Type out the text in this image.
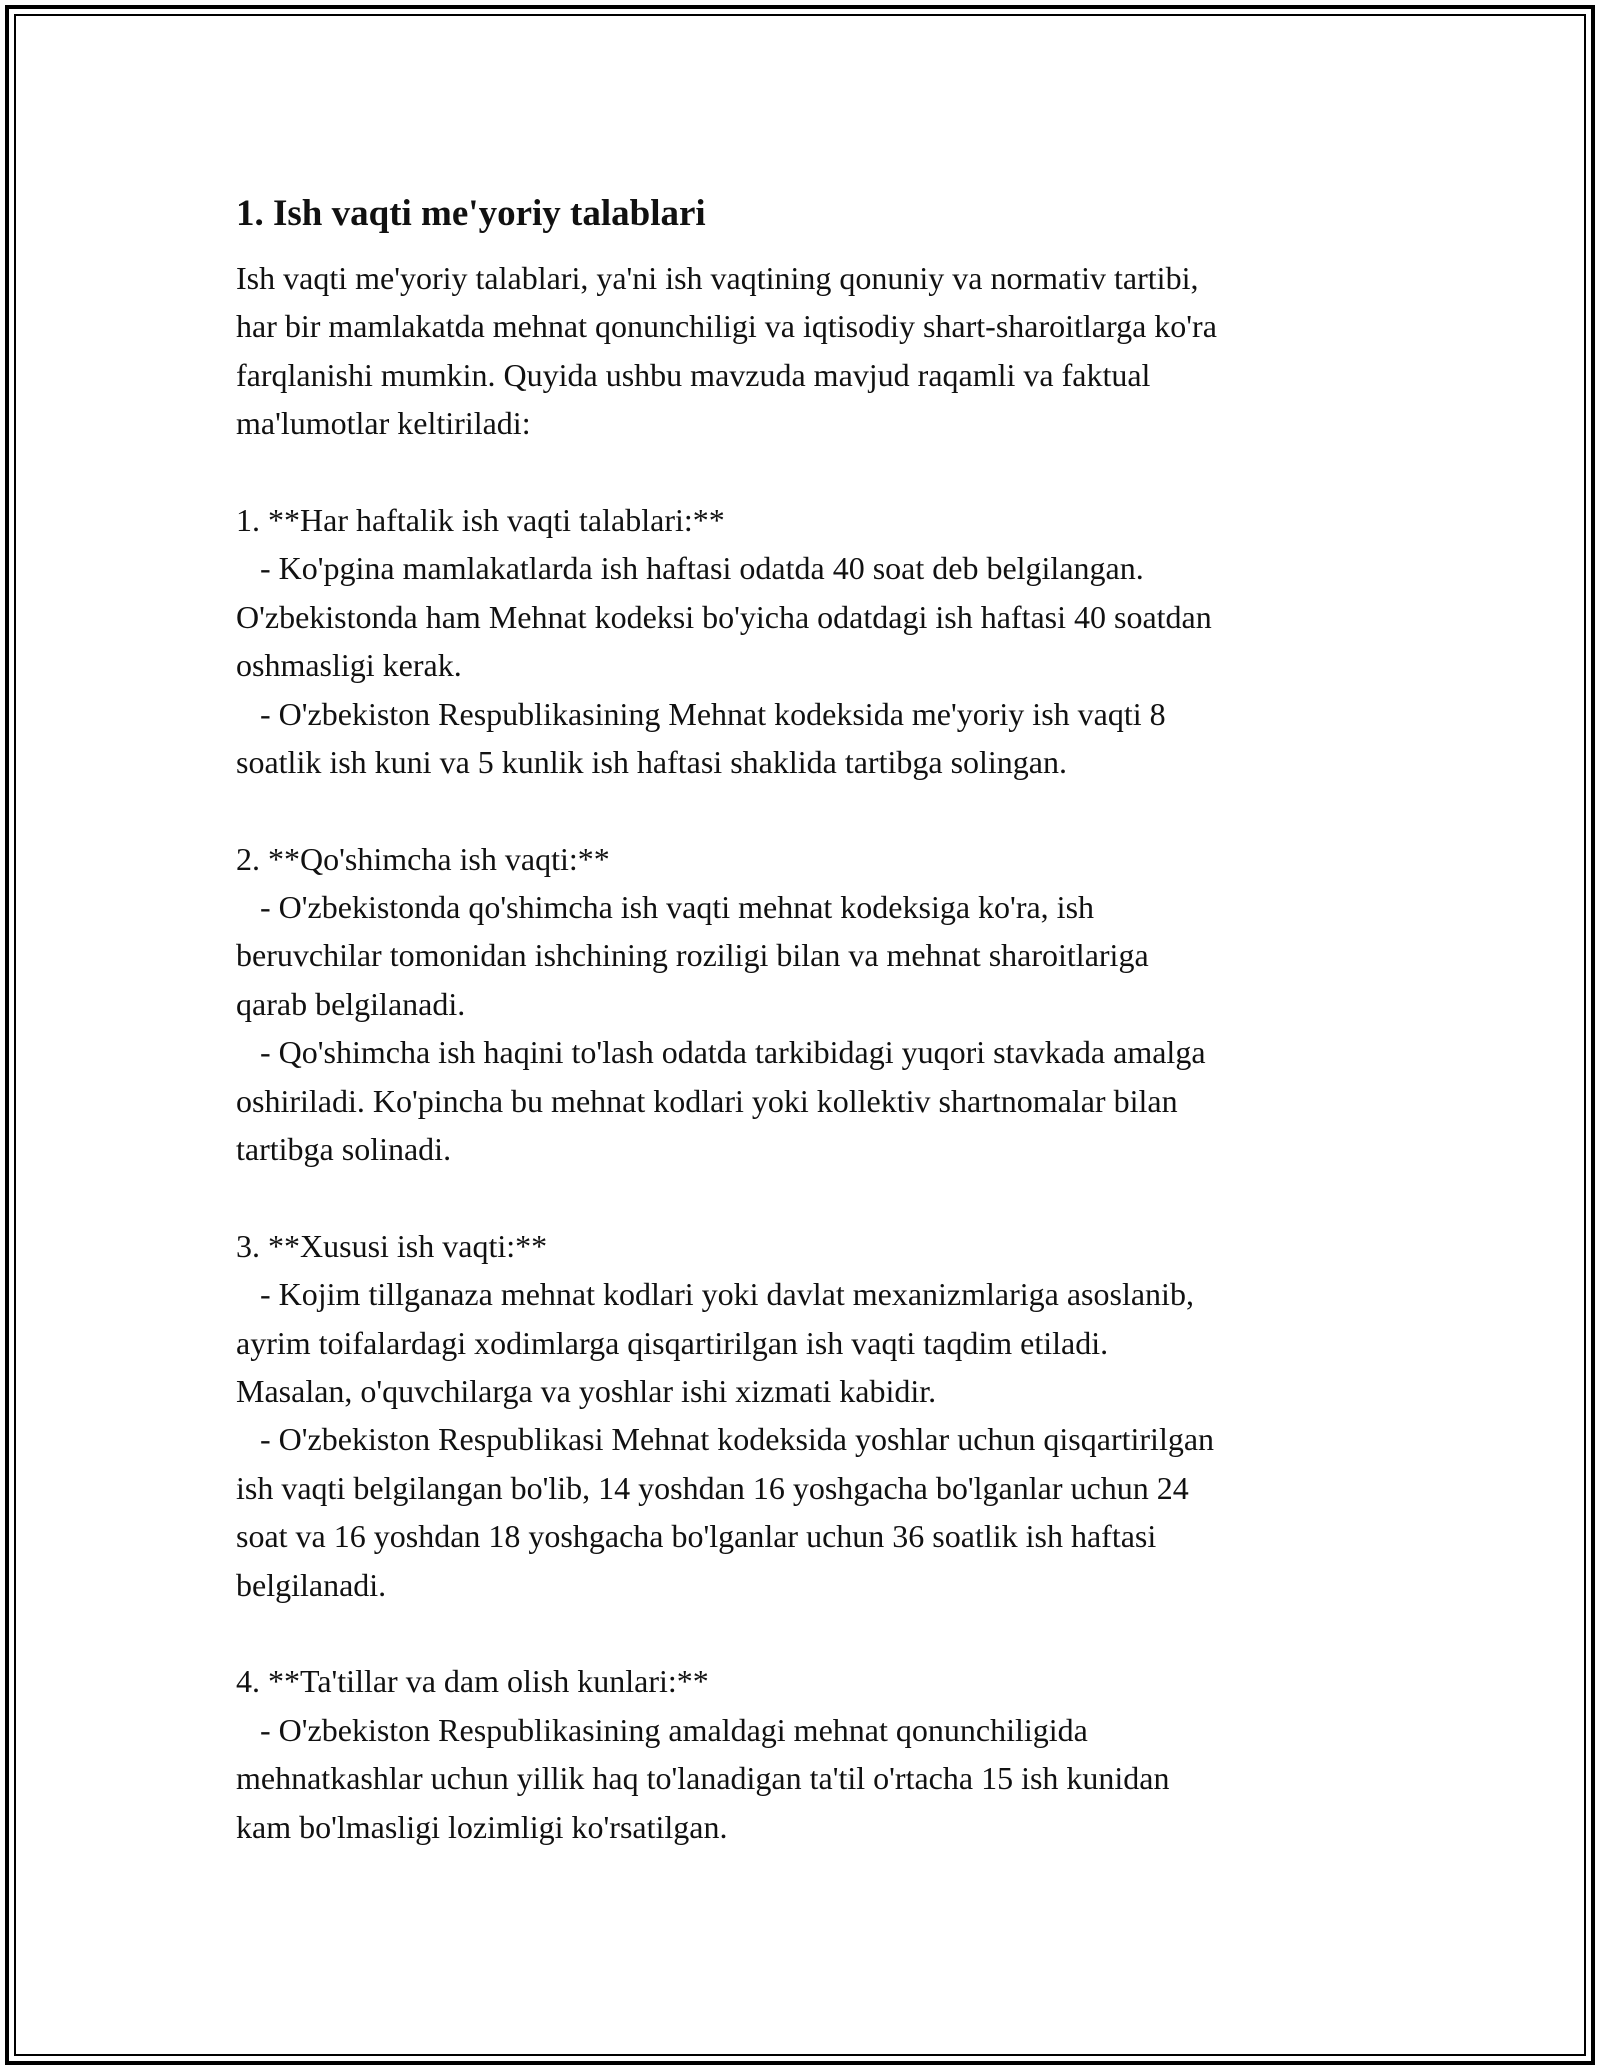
1. Ish vaqti me'yoriy talablari
Ish vaqti me'yoriy talablari, ya'ni ish vaqtining qonuniy va normativ tartibi,
har bir mamlakatda mehnat qonunchiligi va iqtisodiy shart-sharoitlarga ko'ra
farqlanishi mumkin. Quyida ushbu mavzuda mavjud raqamli va faktual
ma'lumotlar keltiriladi:
1. **Har haftalik ish vaqti talablari:**
- Ko'pgina mamlakatlarda ish haftasi odatda 40 soat deb belgilangan.
O'zbekistonda ham Mehnat kodeksi bo'yicha odatdagi ish haftasi 40 soatdan
oshmasligi kerak.
- O'zbekiston Respublikasining Mehnat kodeksida me'yoriy ish vaqti 8
soatlik ish kuni va 5 kunlik ish haftasi shaklida tartibga solingan.
2. **Qo'shimcha ish vaqti:**
- O'zbekistonda qo'shimcha ish vaqti mehnat kodeksiga ko'ra, ish
beruvchilar tomonidan ishchining roziligi bilan va mehnat sharoitlariga
qarab belgilanadi.
- Qo'shimcha ish haqini to'lash odatda tarkibidagi yuqori stavkada amalga
oshiriladi. Ko'pincha bu mehnat kodlari yoki kollektiv shartnomalar bilan
tartibga solinadi.
3. **Xususi ish vaqti:**
- Kojim tillganaza mehnat kodlari yoki davlat mexanizmlariga asoslanib,
ayrim toifalardagi xodimlarga qisqartirilgan ish vaqti taqdim etiladi.
Masalan, o'quvchilarga va yoshlar ishi xizmati kabidir.
- O'zbekiston Respublikasi Mehnat kodeksida yoshlar uchun qisqartirilgan
ish vaqti belgilangan bo'lib, 14 yoshdan 16 yoshgacha bo'lganlar uchun 24
soat va 16 yoshdan 18 yoshgacha bo'lganlar uchun 36 soatlik ish haftasi
belgilanadi.
4. **Ta'tillar va dam olish kunlari:**
- O'zbekiston Respublikasining amaldagi mehnat qonunchiligida
mehnatkashlar uchun yillik haq to'lanadigan ta'til o'rtacha 15 ish kunidan
kam bo'lmasligi lozimligi ko'rsatilgan.
